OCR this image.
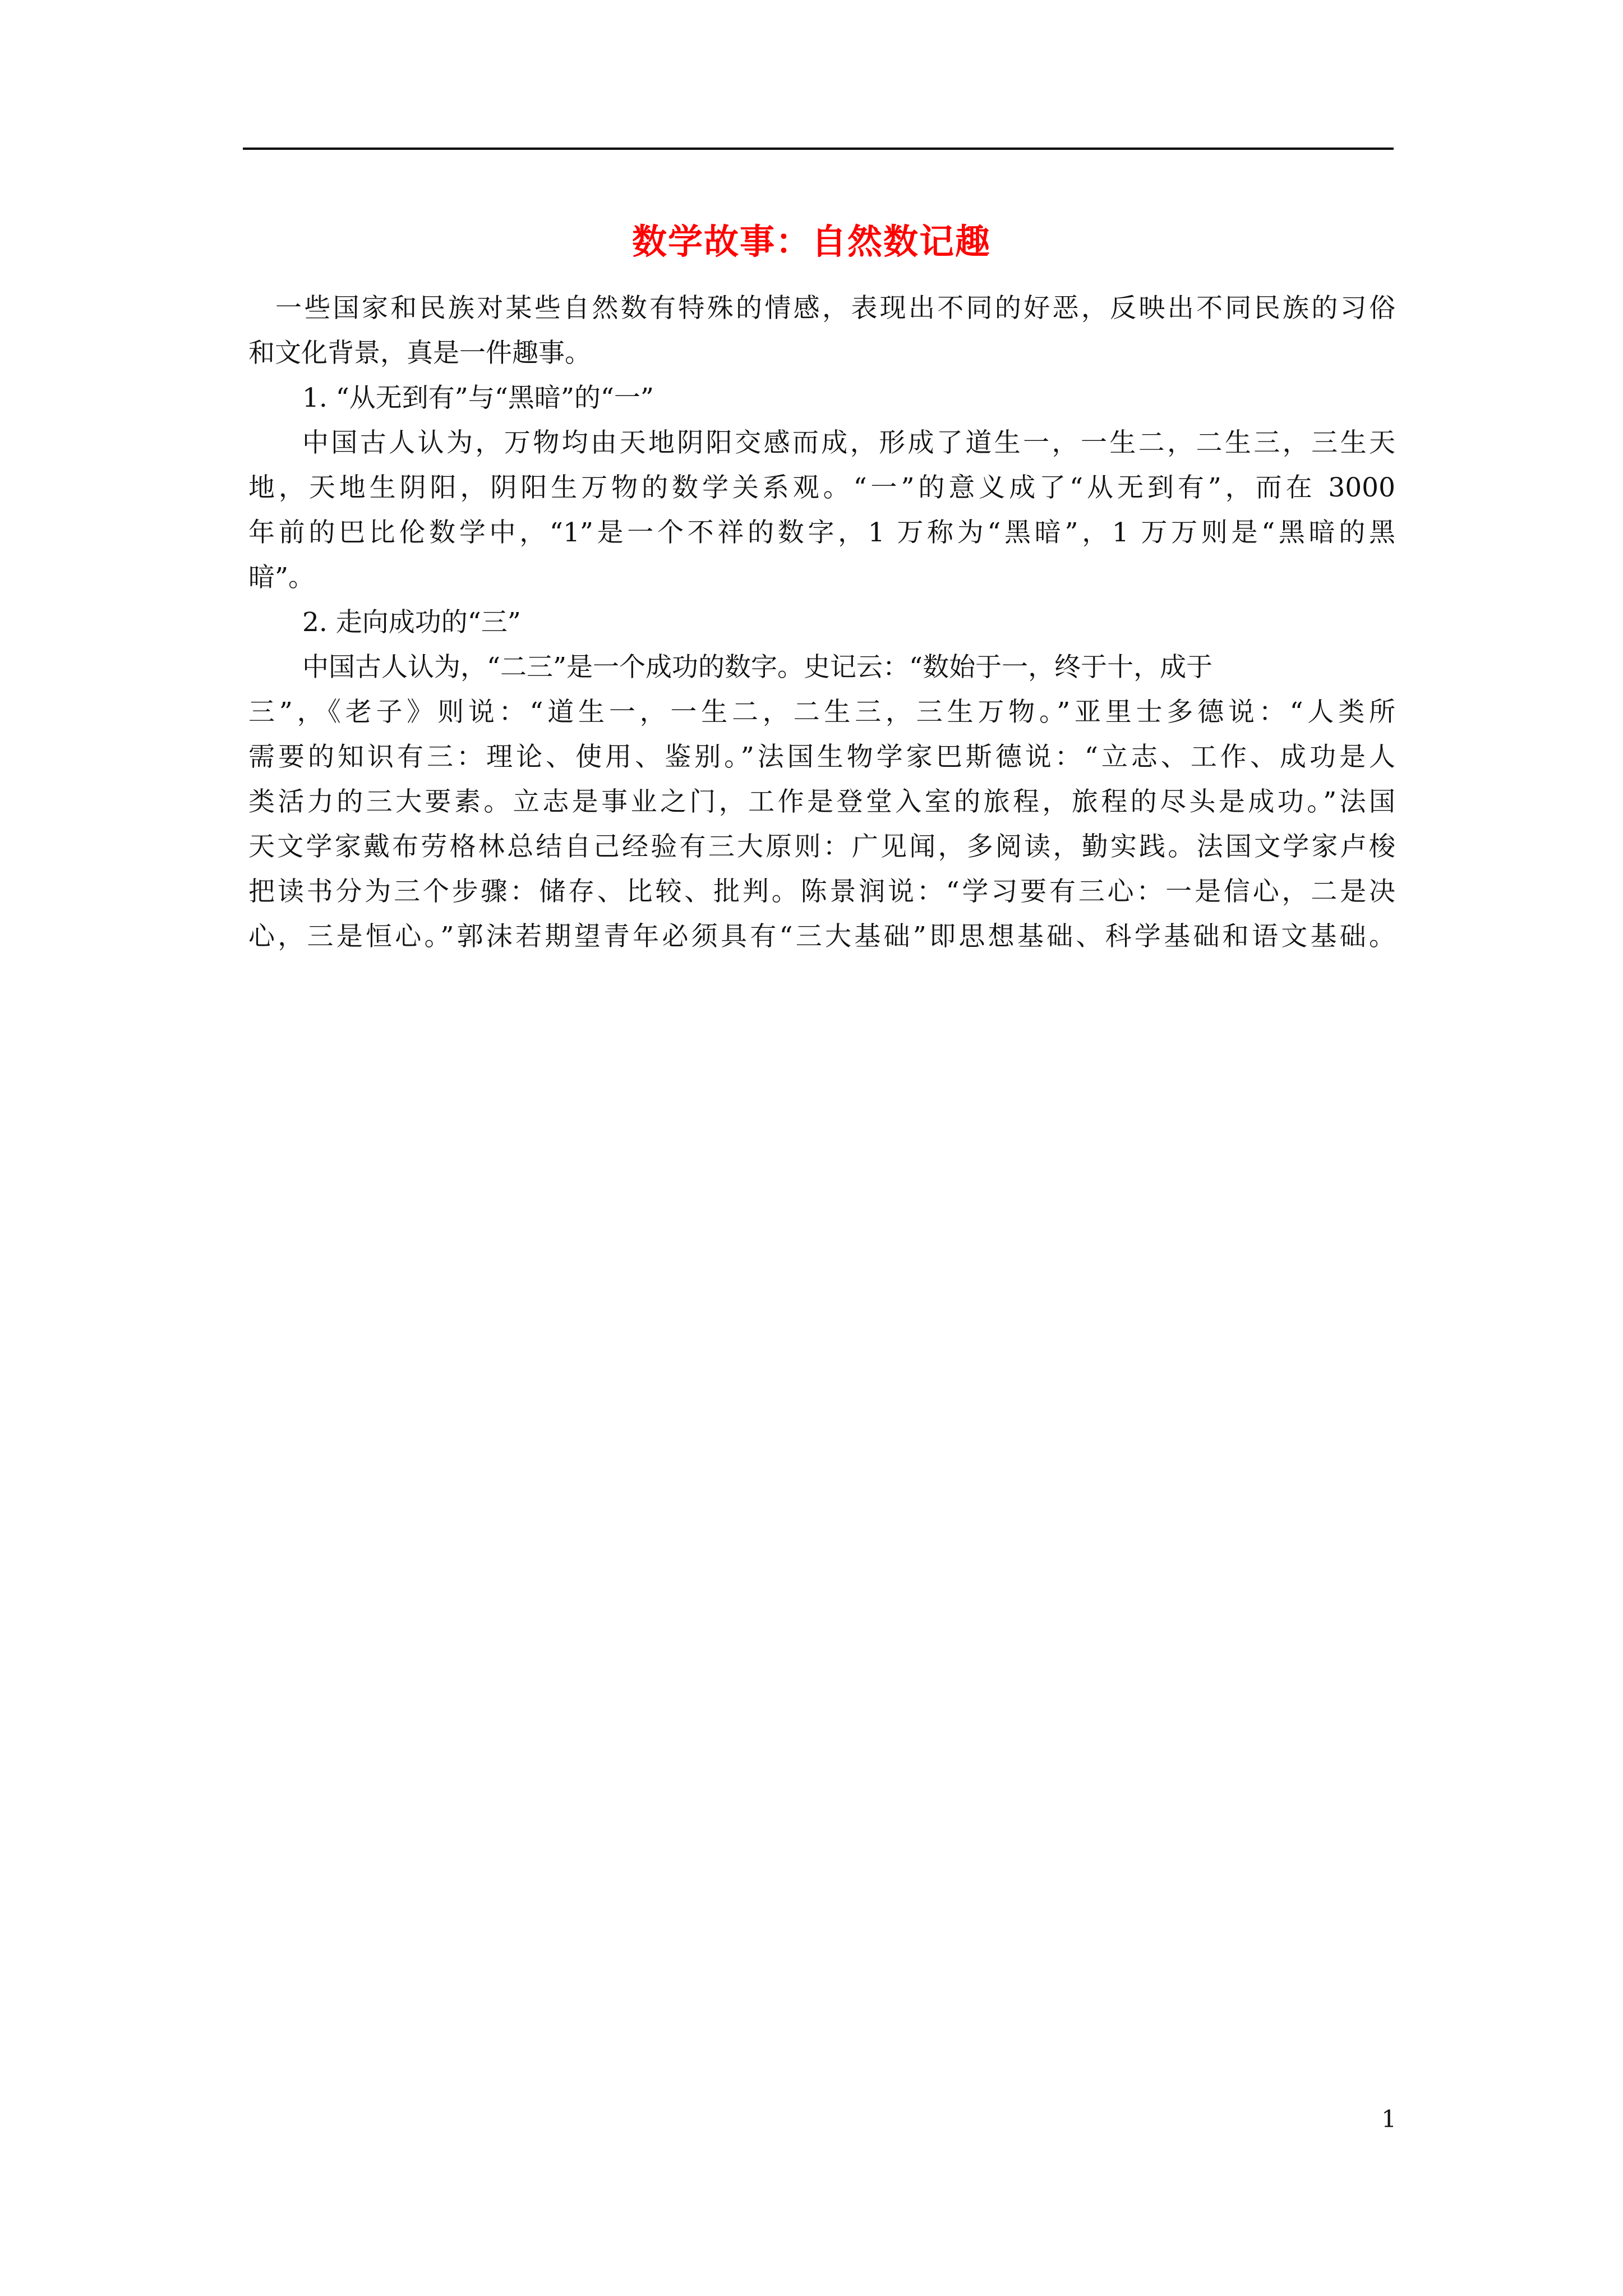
数学故事：自然数记趣
一些国家和民族对某些自然数有特殊的情感，表现出不同的好恶，反映出不同民族的习俗
和文化背景，真是一件趣事。
1. “从无到有”与“黑暗”的“一”
中国古人认为，万物均由天地阴阳交感而成，形成了道生一，一生二，二生三，三生天
地，天地生阴阳，阴阳生万物的数学关系观。“一”的意义成了“从无到有”，而在 3000
年前的巴比伦数学中，“1”是一个不祥的数字，1 万称为“黑暗”，1 万万则是“黑暗的黑
暗”。
2. 走向成功的“三”
中国古人认为，“二三”是一个成功的数字。史记云：“数始于一，终于十，成于
三”，《老子》则说：“道生一，一生二，二生三，三生万物。”亚里士多德说：“人类所
需要的知识有三：理论、使用、鉴别。”法国生物学家巴斯德说：“立志、工作、成功是人
类活力的三大要素。立志是事业之门，工作是登堂入室的旅程，旅程的尽头是成功。”法国
天文学家戴布劳格林总结自己经验有三大原则：广见闻，多阅读，勤实践。法国文学家卢梭
把读书分为三个步骤：储存、比较、批判。陈景润说：“学习要有三心：一是信心，二是决
心，三是恒心。”郭沫若期望青年必须具有“三大基础”即思想基础、科学基础和语文基础。
1
